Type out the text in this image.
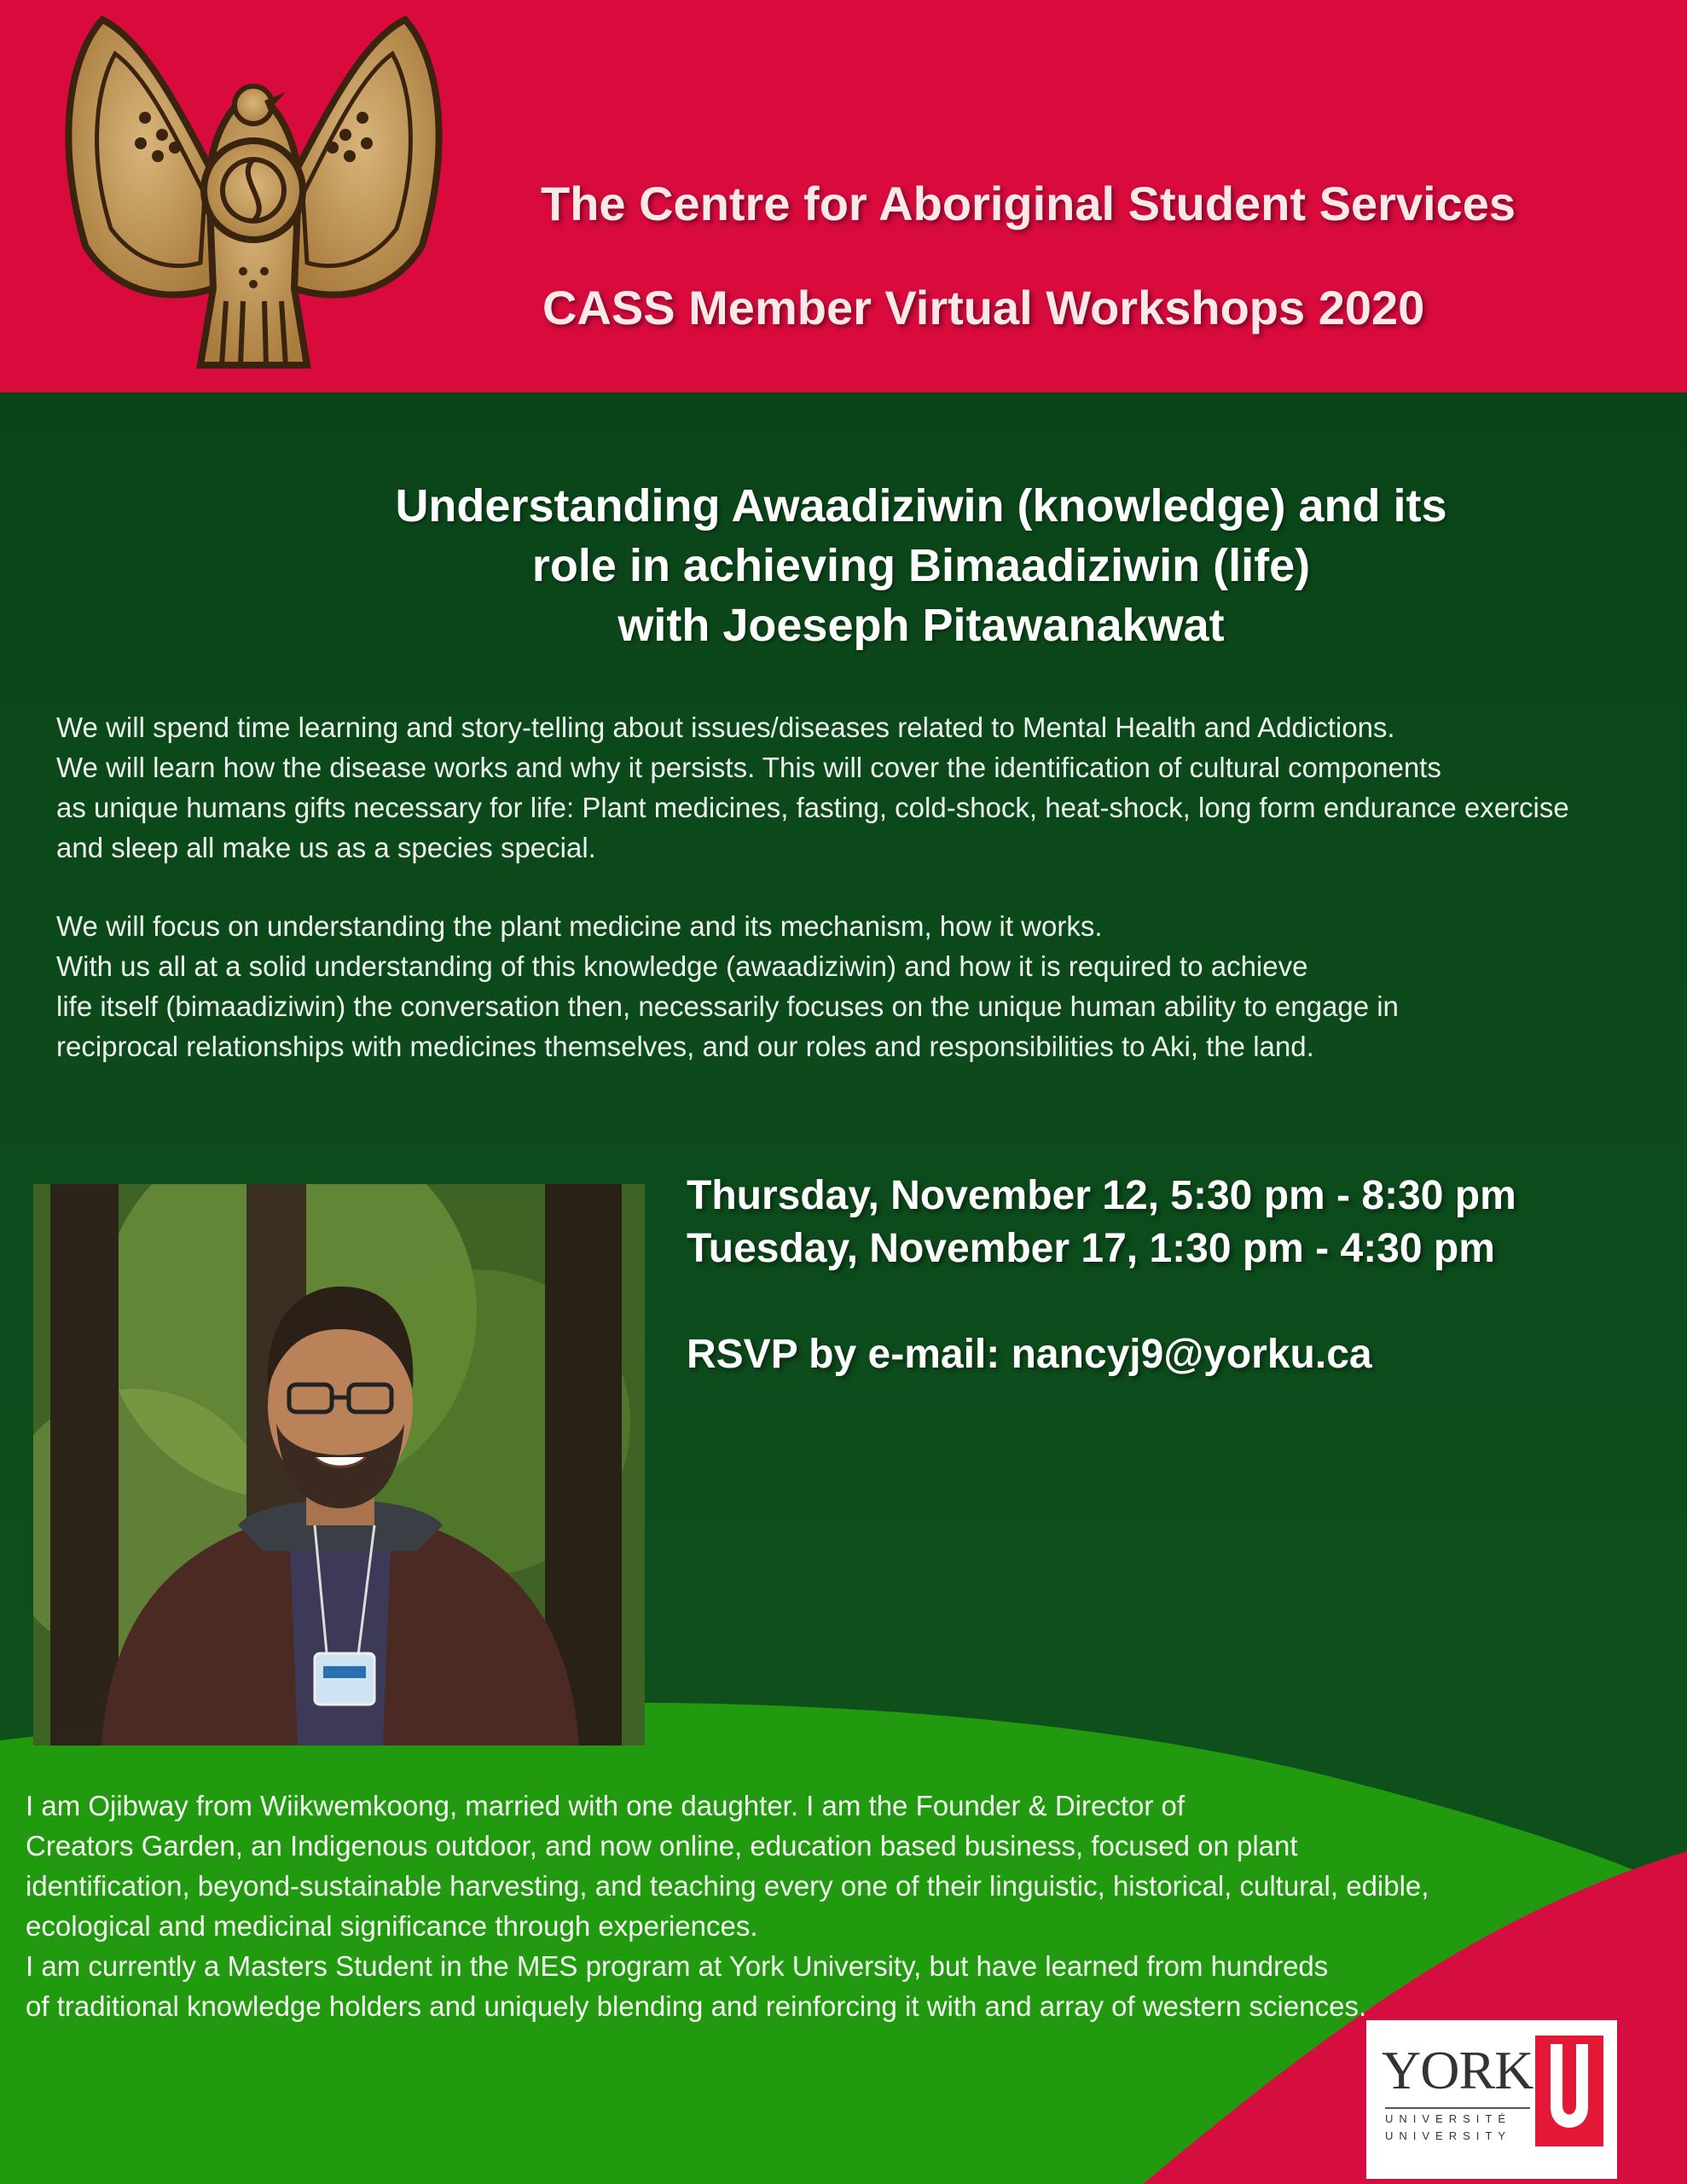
The Centre for Aboriginal Student Services
CASS Member Virtual Workshops 2020
Understanding Awaadiziwin (knowledge) and its
role in achieving Bimaadiziwin (life)
with Joeseph Pitawanakwat
We will spend time learning and story-telling about issues/diseases related to Mental Health and Addictions.
We will learn how the disease works and why it persists. This will cover the identification of cultural components
as unique humans gifts necessary for life: Plant medicines, fasting, cold-shock, heat-shock, long form endurance exercise
and sleep all make us as a species special.
We will focus on understanding the plant medicine and its mechanism, how it works.
With us all at a solid understanding of this knowledge (awaadiziwin) and how it is required to achieve
life itself (bimaadiziwin) the conversation then, necessarily focuses on the unique human ability to engage in
reciprocal relationships with medicines themselves, and our roles and responsibilities to Aki, the land.
Thursday, November 12, 5:30 pm - 8:30 pm
Tuesday, November 17, 1:30 pm - 4:30 pm
RSVP by e-mail: nancyj9@yorku.ca
I am Ojibway from Wiikwemkoong, married with one daughter. I am the Founder & Director of
Creators Garden, an Indigenous outdoor, and now online, education based business, focused on plant
identification, beyond-sustainable harvesting, and teaching every one of their linguistic, historical, cultural, edible,
ecological and medicinal significance through experiences.
I am currently a Masters Student in the MES program at York University, but have learned from hundreds
of traditional knowledge holders and uniquely blending and reinforcing it with and array of western sciences.
YORK
UNIVERSITÉ
UNIVERSITY
